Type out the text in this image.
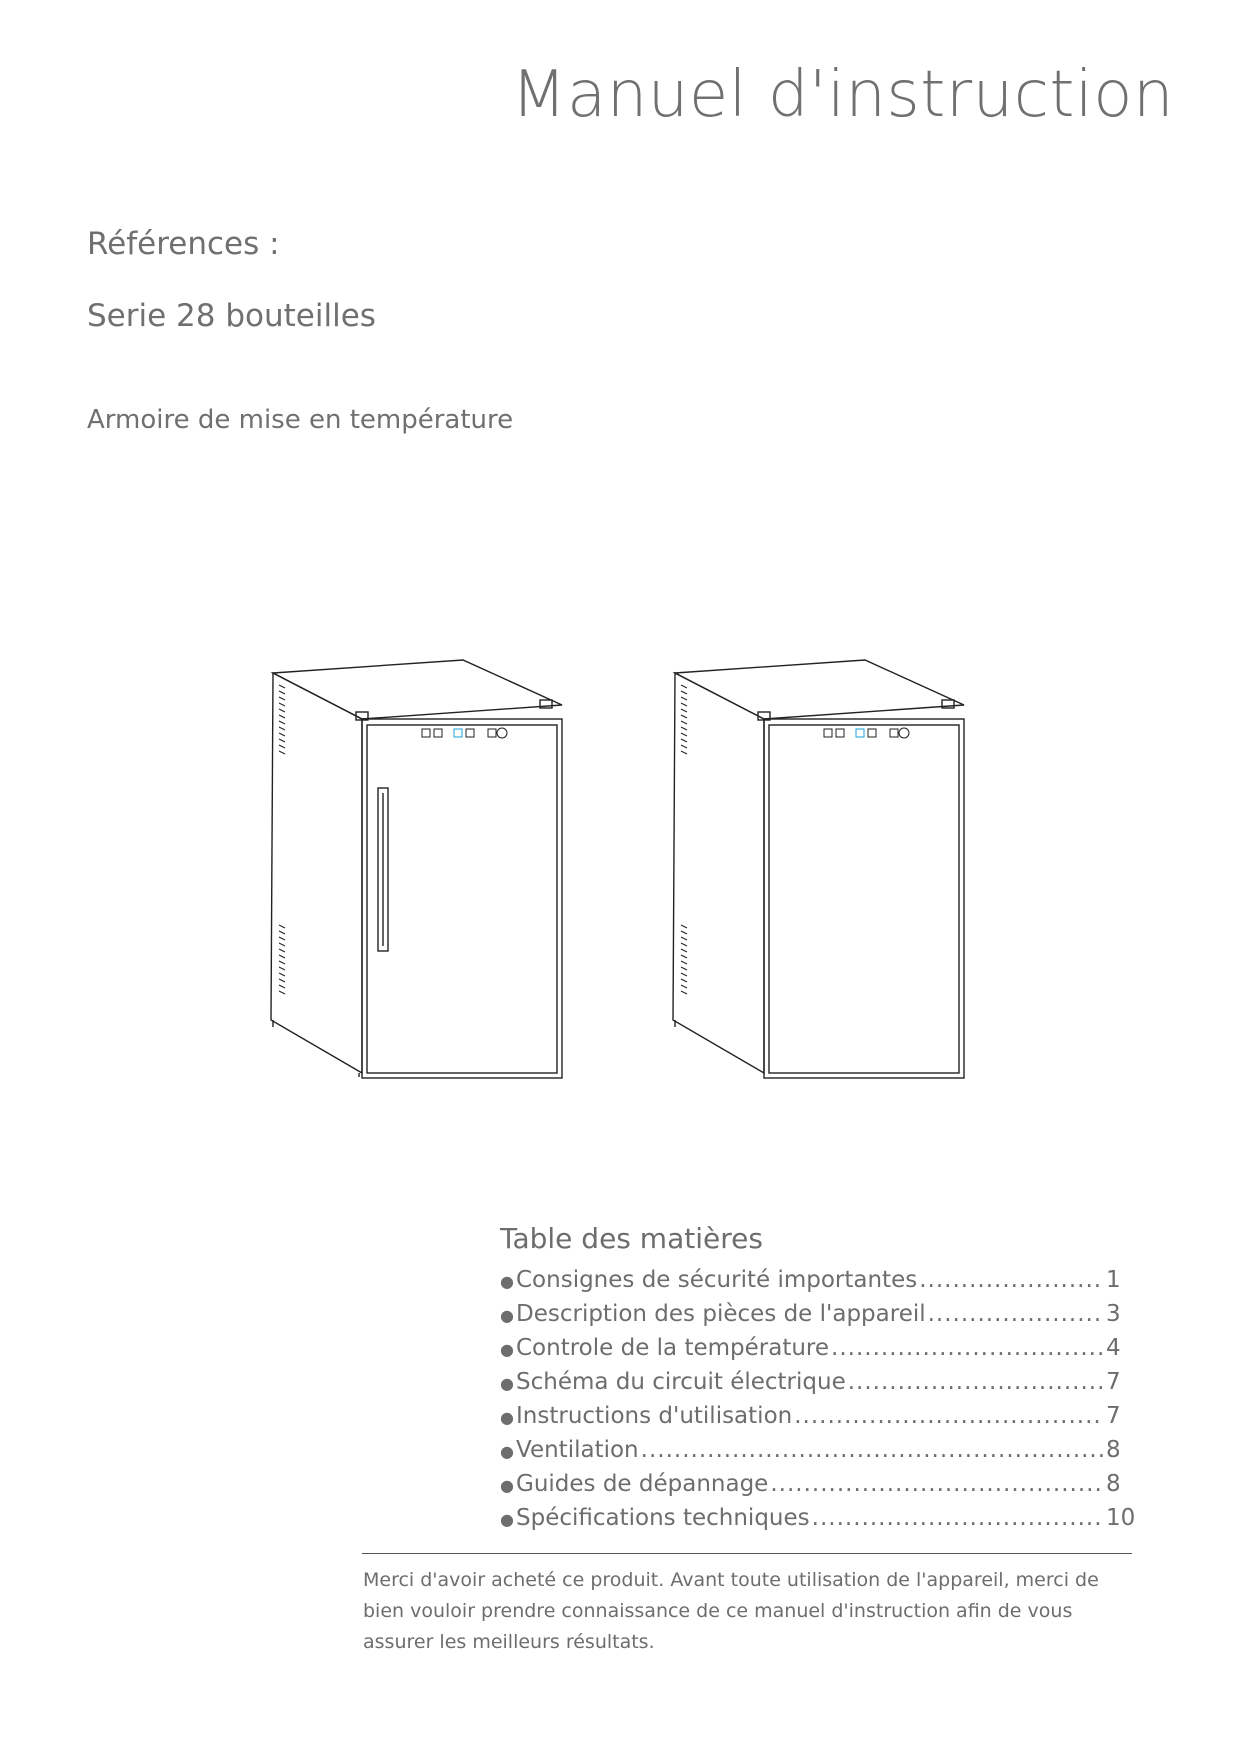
Manuel d'instruction
Références :
Serie 28 bouteilles
Armoire de mise en température
Table des matières
● Consignes de sécurité importantes .....	1
● Description des pièces de l'appareil .....	3
● Controle de la température .....	4
● Schéma du circuit électrique .....	7
● Instructions d'utilisation .....	7
● Ventilation .....	8
● Guides de dépannage .....	8
● Spécifications techniques .....	10

Merci d'avoir acheté ce produit. Avant toute utilisation de l'appareil, merci de bien vouloir prendre connaissance de ce manuel d'instruction afin de vous assurer les meilleurs résultats.
